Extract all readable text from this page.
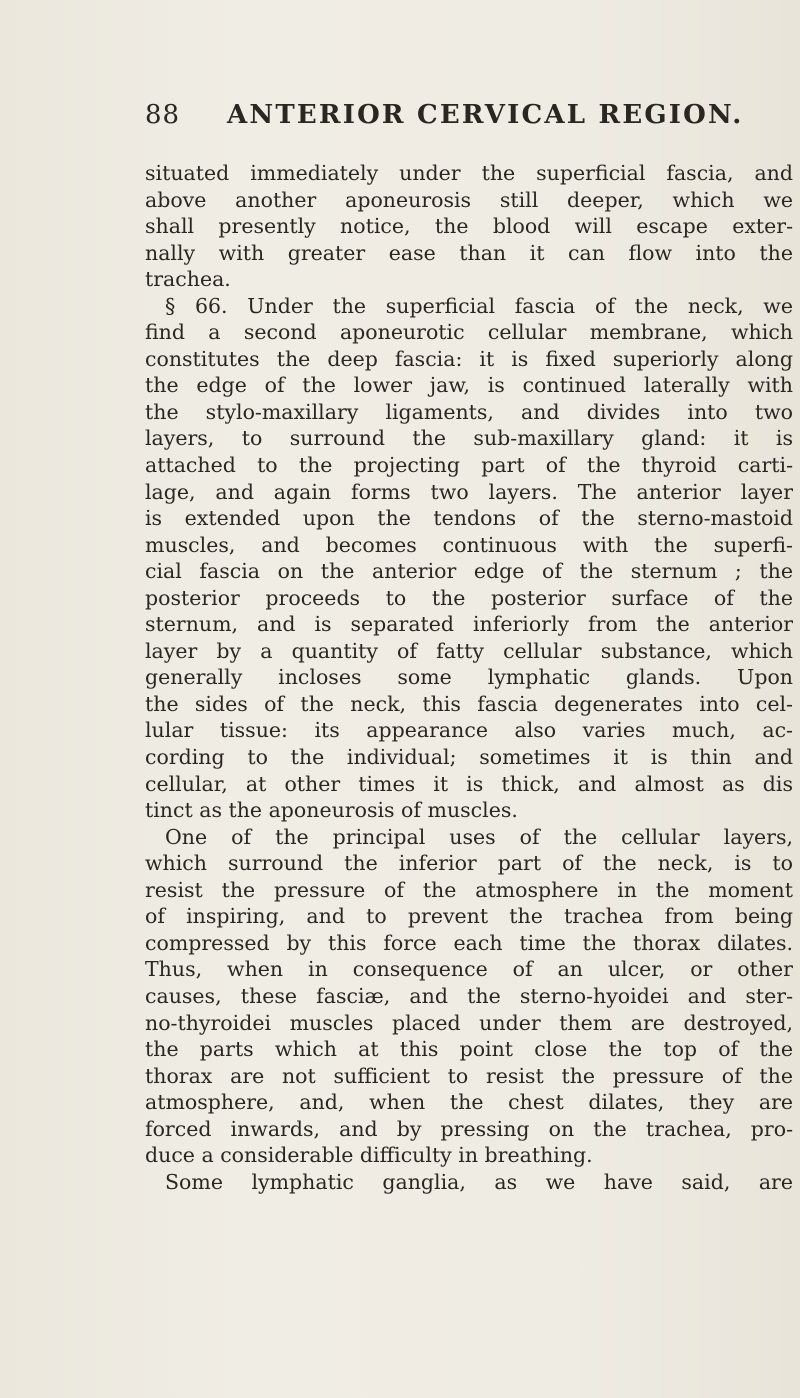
88 ANTERIOR CERVICAL REGION.
situated immediately under the superficial fascia, and
above another aponeurosis still deeper, which we
shall presently notice, the blood will escape exter-
nally with greater ease than it can flow into the
trachea.
§ 66. Under the superficial fascia of the neck, we
find a second aponeurotic cellular membrane, which
constitutes the deep fascia: it is fixed superiorly along
the edge of the lower jaw, is continued laterally with
the stylo-maxillary ligaments, and divides into two
layers, to surround the sub-maxillary gland: it is
attached to the projecting part of the thyroid carti-
lage, and again forms two layers. The anterior layer
is extended upon the tendons of the sterno-mastoid
muscles, and becomes continuous with the superfi-
cial fascia on the anterior edge of the sternum ; the
posterior proceeds to the posterior surface of the
sternum, and is separated inferiorly from the anterior
layer by a quantity of fatty cellular substance, which
generally incloses some lymphatic glands. Upon
the sides of the neck, this fascia degenerates into cel-
lular tissue: its appearance also varies much, ac-
cording to the individual; sometimes it is thin and
cellular, at other times it is thick, and almost as dis
tinct as the aponeurosis of muscles.
One of the principal uses of the cellular layers,
which surround the inferior part of the neck, is to
resist the pressure of the atmosphere in the moment
of inspiring, and to prevent the trachea from being
compressed by this force each time the thorax dilates.
Thus, when in consequence of an ulcer, or other
causes, these fasciæ, and the sterno-hyoidei and ster-
no-thyroidei muscles placed under them are destroyed,
the parts which at this point close the top of the
thorax are not sufficient to resist the pressure of the
atmosphere, and, when the chest dilates, they are
forced inwards, and by pressing on the trachea, pro-
duce a considerable difficulty in breathing.
Some lymphatic ganglia, as we have said, are
